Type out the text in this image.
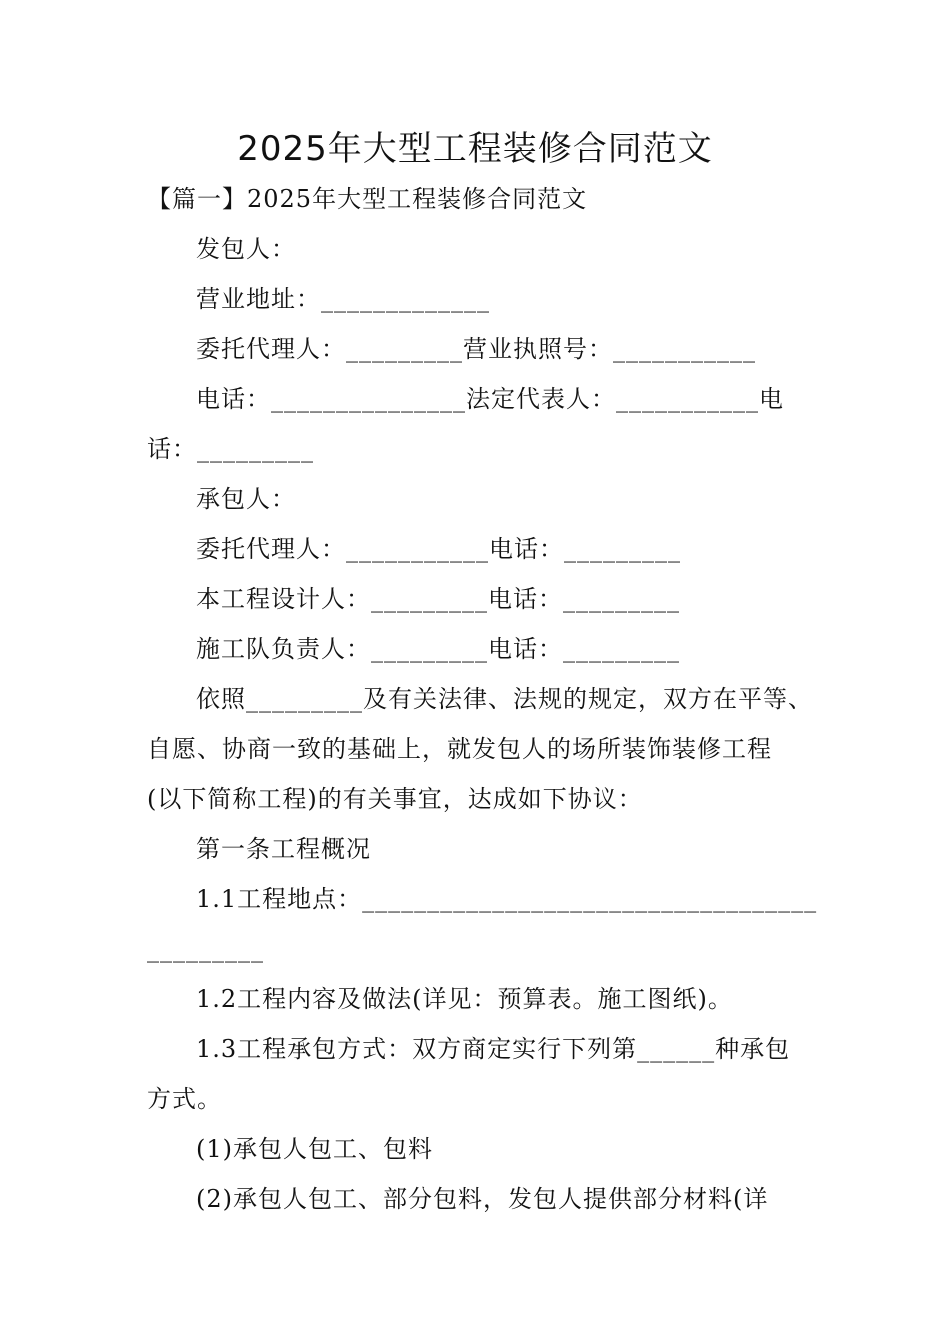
2025年大型工程装修合同范文
【篇一】2025年大型工程装修合同范文
发包人：
营业地址：_____________
委托代理人：_________营业执照号：___________
电话：_______________法定代表人：___________电
话：_________
承包人：
委托代理人：___________电话：_________
本工程设计人：_________电话：_________
施工队负责人：_________电话：_________
依照_________及有关法律、法规的规定，双方在平等、
自愿、协商一致的基础上，就发包人的场所装饰装修工程
(以下简称工程)的有关事宜，达成如下协议：
第一条工程概况
1.1工程地点：___________________________________
_________
1.2工程内容及做法(详见：预算表。施工图纸)。
1.3工程承包方式：双方商定实行下列第______种承包
方式。
(1)承包人包工、包料
(2)承包人包工、部分包料，发包人提供部分材料(详
